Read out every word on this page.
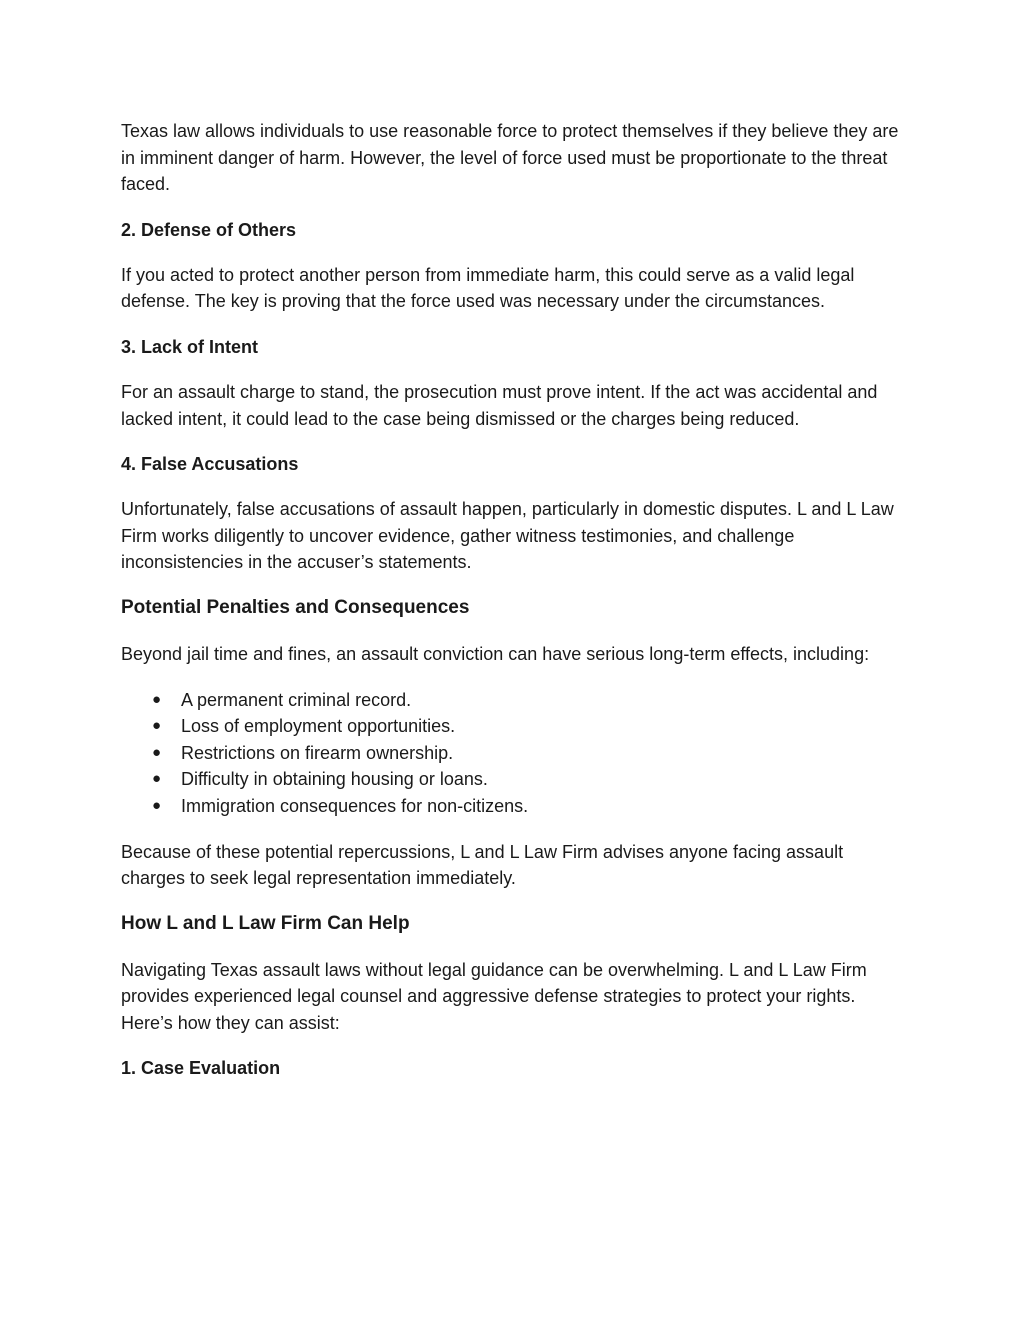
Texas law allows individuals to use reasonable force to protect themselves if they believe they are in imminent danger of harm. However, the level of force used must be proportionate to the threat faced.

2. Defense of Others

If you acted to protect another person from immediate harm, this could serve as a valid legal defense. The key is proving that the force used was necessary under the circumstances.

3. Lack of Intent

For an assault charge to stand, the prosecution must prove intent. If the act was accidental and lacked intent, it could lead to the case being dismissed or the charges being reduced.

4. False Accusations

Unfortunately, false accusations of assault happen, particularly in domestic disputes. L and L Law Firm works diligently to uncover evidence, gather witness testimonies, and challenge inconsistencies in the accuser’s statements.

Potential Penalties and Consequences

Beyond jail time and fines, an assault conviction can have serious long-term effects, including:

● A permanent criminal record.
● Loss of employment opportunities.
● Restrictions on firearm ownership.
● Difficulty in obtaining housing or loans.
● Immigration consequences for non-citizens.

Because of these potential repercussions, L and L Law Firm advises anyone facing assault charges to seek legal representation immediately.

How L and L Law Firm Can Help

Navigating Texas assault laws without legal guidance can be overwhelming. L and L Law Firm provides experienced legal counsel and aggressive defense strategies to protect your rights. Here’s how they can assist:

1. Case Evaluation
